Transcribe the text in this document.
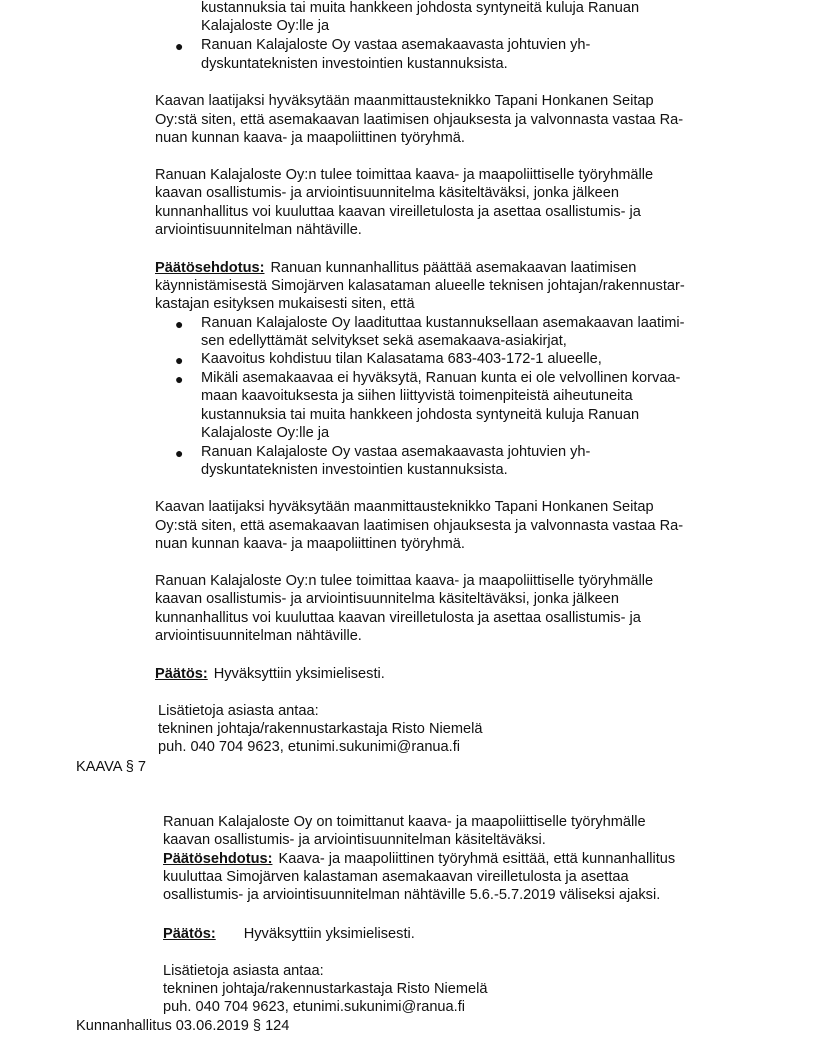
kustannuksia tai muita hankkeen johdosta syntyneitä kuluja Ranuan
Kalajaloste Oy:lle ja
● Ranuan Kalajaloste Oy vastaa asemakaavasta johtuvien yh-
dyskuntateknisten investointien kustannuksista.
Kaavan laatijaksi hyväksytään maanmittausteknikko Tapani Honkanen Seitap
Oy:stä siten, että asemakaavan laatimisen ohjauksesta ja valvonnasta vastaa Ra-
nuan kunnan kaava- ja maapoliittinen työryhmä.
Ranuan Kalajaloste Oy:n tulee toimittaa kaava- ja maapoliittiselle työryhmälle
kaavan osallistumis- ja arviointisuunnitelma käsiteltäväksi, jonka jälkeen
kunnanhallitus voi kuuluttaa kaavan vireilletulosta ja asettaa osallistumis- ja
arviointisuunnitelman nähtäville.
Päätösehdotus: Ranuan kunnanhallitus päättää asemakaavan laatimisen
käynnistämisestä Simojärven kalasataman alueelle teknisen johtajan/rakennustar-
kastajan esityksen mukaisesti siten, että
● Ranuan Kalajaloste Oy laadituttaa kustannuksellaan asemakaavan laatimi-
sen edellyttämät selvitykset sekä asemakaava-asiakirjat,
● Kaavoitus kohdistuu tilan Kalasatama 683-403-172-1 alueelle,
● Mikäli asemakaavaa ei hyväksytä, Ranuan kunta ei ole velvollinen korvaa-
maan kaavoituksesta ja siihen liittyvistä toimenpiteistä aiheutuneita
kustannuksia tai muita hankkeen johdosta syntyneitä kuluja Ranuan
Kalajaloste Oy:lle ja
● Ranuan Kalajaloste Oy vastaa asemakaavasta johtuvien yh-
dyskuntateknisten investointien kustannuksista.
Kaavan laatijaksi hyväksytään maanmittausteknikko Tapani Honkanen Seitap
Oy:stä siten, että asemakaavan laatimisen ohjauksesta ja valvonnasta vastaa Ra-
nuan kunnan kaava- ja maapoliittinen työryhmä.
Ranuan Kalajaloste Oy:n tulee toimittaa kaava- ja maapoliittiselle työryhmälle
kaavan osallistumis- ja arviointisuunnitelma käsiteltäväksi, jonka jälkeen
kunnanhallitus voi kuuluttaa kaavan vireilletulosta ja asettaa osallistumis- ja
arviointisuunnitelman nähtäville.
Päätös: Hyväksyttiin yksimielisesti.
Lisätietoja asiasta antaa:
tekninen johtaja/rakennustarkastaja Risto Niemelä
puh. 040 704 9623, etunimi.sukunimi@ranua.fi
KAAVA § 7
Ranuan Kalajaloste Oy on toimittanut kaava- ja maapoliittiselle työryhmälle
kaavan osallistumis- ja arviointisuunnitelman käsiteltäväksi.
Päätösehdotus: Kaava- ja maapoliittinen työryhmä esittää, että kunnanhallitus
kuuluttaa Simojärven kalastaman asemakaavan vireilletulosta ja asettaa
osallistumis- ja arviointisuunnitelman nähtäville 5.6.-5.7.2019 väliseksi ajaksi.
Päätös: Hyväksyttiin yksimielisesti.
Lisätietoja asiasta antaa:
tekninen johtaja/rakennustarkastaja Risto Niemelä
puh. 040 704 9623, etunimi.sukunimi@ranua.fi
Kunnanhallitus 03.06.2019 § 124
